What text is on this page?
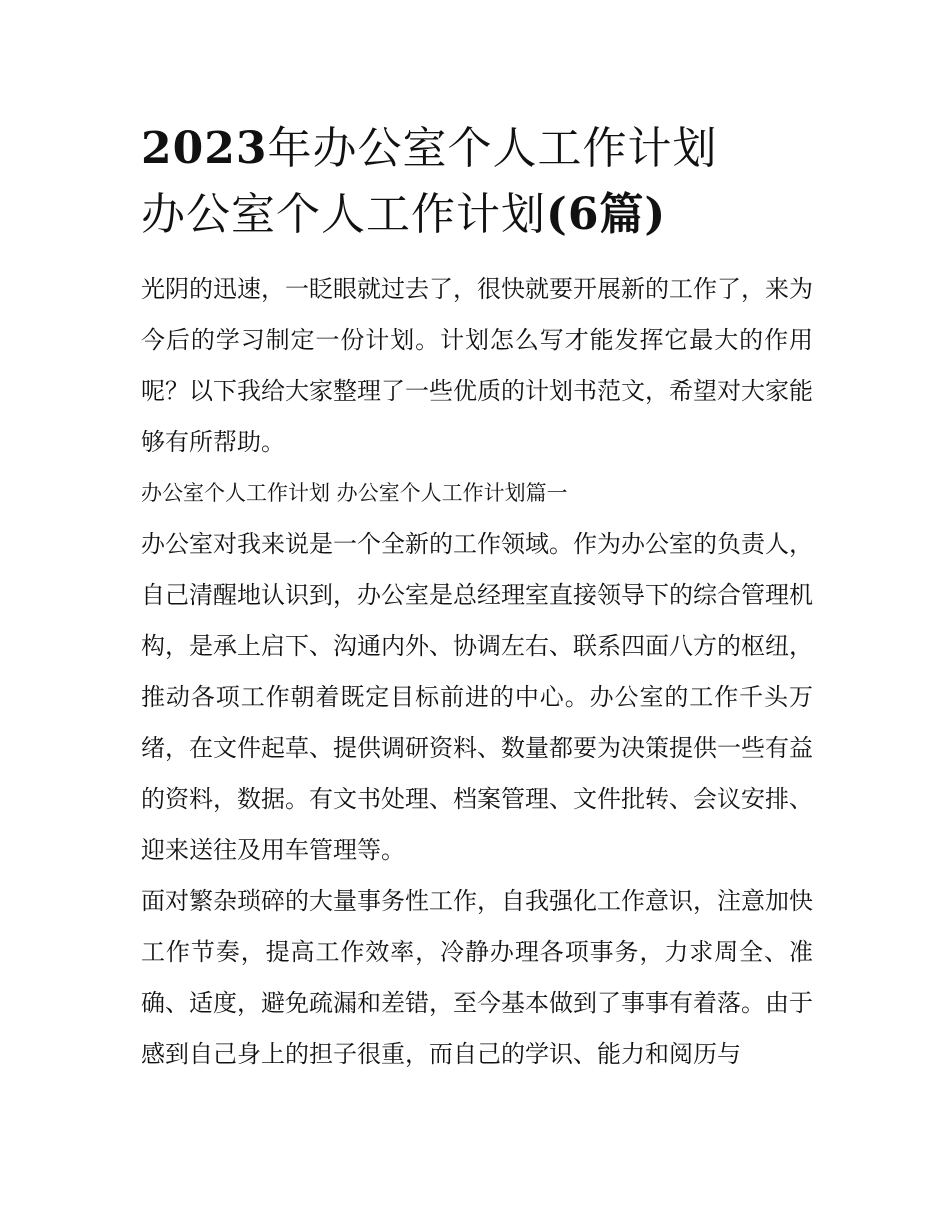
2023年办公室个人工作计划
办公室个人工作计划(6篇)

光阴的迅速，一眨眼就过去了，很快就要开展新的工作了，来为今后的学习制定一份计划。计划怎么写才能发挥它最大的作用呢？以下我给大家整理了一些优质的计划书范文，希望对大家能够有所帮助。

办公室个人工作计划 办公室个人工作计划篇一

办公室对我来说是一个全新的工作领域。作为办公室的负责人，自己清醒地认识到，办公室是总经理室直接领导下的综合管理机构，是承上启下、沟通内外、协调左右、联系四面八方的枢纽，推动各项工作朝着既定目标前进的中心。办公室的工作千头万绪，在文件起草、提供调研资料、数量都要为决策提供一些有益的资料，数据。有文书处理、档案管理、文件批转、会议安排、迎来送往及用车管理等。

面对繁杂琐碎的大量事务性工作，自我强化工作意识，注意加快工作节奏，提高工作效率，冷静办理各项事务，力求周全、准确、适度，避免疏漏和差错，至今基本做到了事事有着落。由于感到自己身上的担子很重，而自己的学识、能力和阅历与
